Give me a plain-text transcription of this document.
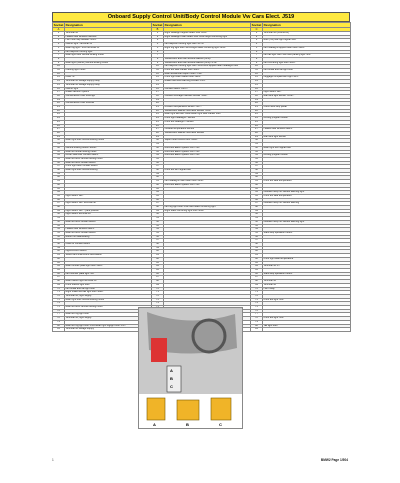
Onboard Supply Control Unit/Body Control Module Vw Cars Elect. J519
Socket	Designation	Socket	Designation	Socket	Designation
A		B		C	
1	Terminal 30	1	Right headlight dipped beam bulb -M31-	1	Terminal 30 (M12/2013)
2	Heated rear window interlock	2	Right headlight main beam bulb -M32-/Right cornering light	2	
3	Horn filler flap release -J213-	3		3	Bulb (H4) rear light signal -M8-
4	Interior light - terminal 15	4	Left daytime running light bulb -L174-	4	
5	Rear fog light - from terminal 15	5	Right fog light bulb -L23-/Right static cornering light -M52-	5	Left headlight dipped beam bulb -M29-
6	Left daytime running light	6		6	
7	Rear light door central locking motor	7		7	Left tail light bulb -M4-/Left parking light -M1-
8		8	Windscreen and rear window washer pump	8	
9	Rear light (interior) central locking motor	9	Windscreen and rear window washer pump -V59-	9	Left cornering light bulb -M51-
10		10	Left daytime running light bulb -M30-/Left dipped beam headlight bulb	10	
11	Parking light motor	11	Front left side marker bulb -M23-	11	Left brake and tail light bulb
12		12	Rear windscreen wiper motor -V12-	12	
13	Fuse -S-	13	Front right side marker bulb -M24-	13	Luggage compartment light -W3-
14	Terminal 30 voltage supply relay	14	Brake fluid level warning contact -F34-	14	
15	Terminal 30 voltage supply relay	15		15	
16	Interior light	16	Contact switch -F267-	16	
17	Brake vacuum system	17		17	Light switch -E1-
18	Convenience CAN bus-high	18	Coolant shortage indicator sender -G32-	18	Rain and light sensor -G397-
19		19		19	
20	Convenience CAN bus-low	20		20	
21		21	Ambient temperature sensor -G17-	21	Clutch and stop pedal
22		22	Windscreen washer fluid level sender -G33-	22	
23		23	Rear right tail bulb -M22-/Rear right side marker bulb	23	
24		24	Front right headlight - sensor	24	Driving program button
25		25	Front left headlight - sensor	25	
26		26		26	
27		27	Outside temperature sensor	27	Heated rear window switch
28		28	Windscreen washer fluid level sender	28	
29		29		29	Rain and light sensor
30	Rear right door central locking motor	30	Wiper motor control unit -J400-	30	
31		31		31	
32	Central locking button -E308-	32	Anti-theft alarm system horn -H8-	32	Rear right turn signal bulb
33	Rear lid central locking motor	33	Anti-theft alarm system horn -H8-	33	
34	Driver side door contact switch	34	Anti-theft alarm system horn -H8-	34	Driving program button
35	Rear left door central locking motor	35		35	
36	Rear left door contact switch	36		36	
37	Front right door contact switch	37		37	
38	Rear right door central locking	38	Front left turn signal bulb	38	
39		39		39	
40		40		40	
41		41	Left headlight main beam bulb -M30-	41	Front left seat temperature
42		42	Anti-theft alarm system horn -H8-	42	
43		43		43	
44		44		44	Indicator lamp for hazard warning light
45	Light switch -E1-	45		45	Front left seat temperature
46		46		46	
47	Light switch -E1- terminal 58	47		47	Indicator lamp for hazard warning
48		48	Left fog light bulb -L22-/Left static cornering light	48	
49	Light switch -E1- - park position	49	Right static cornering light bulb -M52-	49	
50	Light switch terminal 58	50		50	
51		51		51	
52	Rear left door contact switch	52		52	Indicator lamp for hazard warning light
53		53		53	
54	Heated rear window switch	54		54	
55	Rear left door contact switch	55		55	Start/Stop operation button
56	Button for deactivating	56		56	
57		57		57	
58	Fuse for contact switch	58		58	
59		59		59	
60	Light/comfort switch	60		60	
61	Switch and instrument illumination	61		61	
62		62		62	Front right seat temperature
63		63		63	
64	Rear number plate light bulb -M26-	64		64	Terminal 50 -P-
65		65		65	
66	Left number plate light -L8-	66		66	Start/Stop operation button
67		67		67	
68	Rear interior light terminal 58	68		68	Terminal 50
69	Front interior light bulb	69		69	Terminal 50
70	Left brake and tail light bulb	70		70	Horn relay
71	Right brake and tail light bulb -M22-	71		71	
72	Terminal 30, right supply	72		72	
73	Rear right door central locking motor	73		73	Front left light -W1-
74		74		74	
75	Rear left door central locking motor			75	
76				76	
77	Rear left fog light bulb			77	
78	Terminal 30, right supply			78	Front left light -W1-
79				79	
80	Rear left fog light bulb -L46-/Rear right foglight bulb -L47-			80	Tail light bulb
81	Terminal 30 voltage supply			81	
A
B
C
A	B	C
1	BMW2 Page 1/504
